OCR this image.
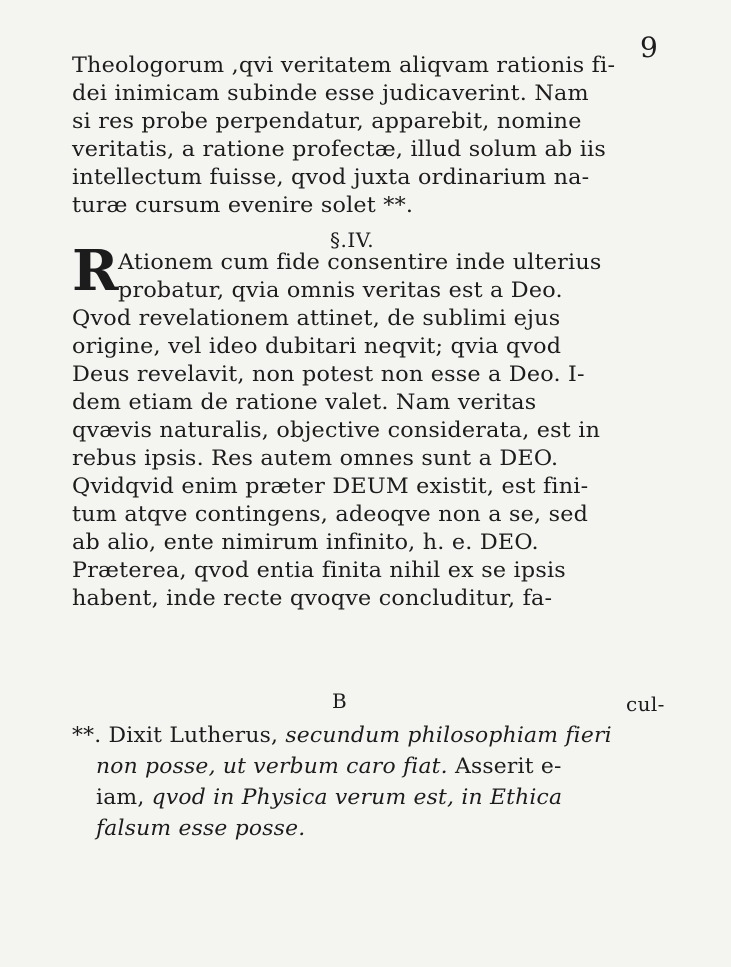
9
Theologorum ,qvi veritatem aliqvam rationis fi-
dei inimicam subinde esse judicaverint. Nam
si res probe perpendatur, apparebit, nomine
veritatis, a ratione profectæ, illud solum ab iis
intellectum fuisse, qvod juxta ordinarium na-
turæ cursum evenire solet **.
§.IV.
R Ationem cum fide consentire inde ulterius
probatur, qvia omnis veritas est a Deo.
Qvod revelationem attinet, de sublimi ejus
origine, vel ideo dubitari neqvit; qvia qvod
Deus revelavit, non potest non esse a Deo. I-
dem etiam de ratione valet. Nam veritas
qvævis naturalis, objective considerata, est in
rebus ipsis. Res autem omnes sunt a DEO.
Qvidqvid enim præter DEUM existit, est fini-
tum atqve contingens, adeoqve non a se, sed
ab alio, ente nimirum infinito, h. e. DEO.
Præterea, qvod entia finita nihil ex se ipsis
habent, inde recte qvoqve concluditur, fa-
B	cul-
**. Dixit Lutherus, secundum philosophiam fieri
non posse, ut verbum caro fiat. Asserit e-
iam, qvod in Physica verum est, in Ethica
falsum esse posse.
